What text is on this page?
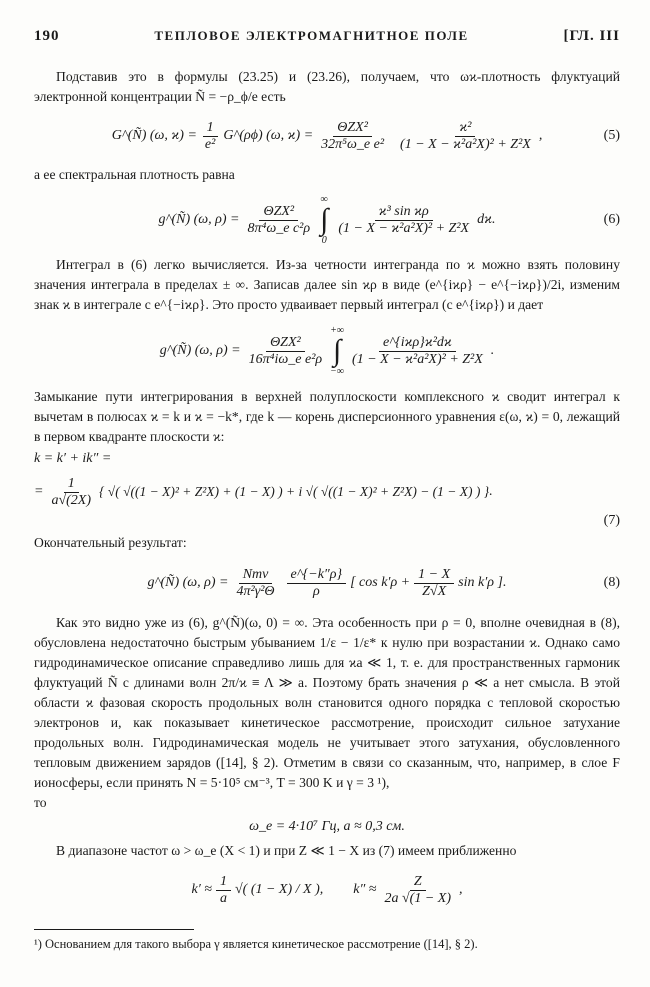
190	ТЕПЛОВОЕ ЭЛЕКТРОМАГНИТНОЕ ПОЛЕ	[ГЛ. III

Подставив это в формулы (23.25) и (23.26), получаем, что ωϰ-плотность флуктуаций электронной концентрации Ñ = −ρ_ϕ/e есть

G^(Ñ) (ω, $ϰ) = \frac{1}{\text{e²}}$ G^(ρϕ) (ω, $ϰ) = \frac{\text{ΘZX²}}{\text{32π⁵ω\_e e²}} \frac{\text{ϰ²}}{\text{(1 − X − ϰ²a²X)² + Z²X}}$ ,	(5)

а ее спектральная плотность равна

g^(Ñ) (ω, $\rho) = \frac{\text{ΘZX²}}{\text{8π⁴ω\_e c²ρ}}$
∞
∫
0
$\frac{\text{ϰ³ sin ϰρ}}{\text{(1 − X − ϰ²a²X)² + Z²X}} dϰ$.	(6)

Интеграл в (6) легко вычисляется. Из-за четности интегранда по ϰ можно взять половину значения интеграла в пределах ± ∞. Записав далее sin ϰρ в виде (e^{iϰρ} − e^{−iϰρ})/2i, изменим знак ϰ в интеграле с e^{−iϰρ}. Это просто удваивает первый интеграл (с e^{iϰρ}) и дает

g^(Ñ) (ω, $\rho) = \frac{\text{ΘZX²}}{\text{16π⁴iω\_e e²ρ}}$
+∞
∫
−∞
$\frac{\text{e\textasciicircum{}\{iϰρ\}ϰ²dϰ}}{\text{(1 − X − ϰ²a²X)² + Z²X}}$ .

Замыкание пути интегрирования в верхней полуплоскости комплексного ϰ сводит интеграл к вычетам в полюсах ϰ = k и ϰ = −k*, где k — корень дисперсионного уравнения ε(ω, ϰ) = 0, лежащий в первом квадранте плоскости ϰ:

k = k′ + ik″ =
= $\frac{1}{a√(2X)}$ { √( √((1 − X)² + Z²X) + (1 − X) ) + i √( √((1 − X)² + Z²X) − (1 − X) ) } .
(7)

Окончательный результат:

g^(Ñ) (ω, $\rho) = \frac{\text{Nmv}}{\text{4π²γ²Θ}} \frac{e\^{}\{-k''\rho\}}{\rho}$ [ $\cos k'\rho + \frac{1 - X}{Z√X}$ sin k′ρ ] .	(8)

Как это видно уже из (6), g^(Ñ)(ω, 0) = ∞. Эта особенность при ρ = 0, вполне очевидная в (8), обусловлена недостаточно быстрым убыванием 1/ε − 1/ε* к нулю при возрастании ϰ. Однако само гидродинамическое описание справедливо лишь для ϰa ≪ 1, т. е. для пространственных гармоник флуктуаций Ñ с длинами волн 2π/ϰ ≡ Λ ≫ a. Поэтому брать значения ρ ≪ a нет смысла. В этой области ϰ фазовая скорость продольных волн становится одного порядка с тепловой скоростью электронов и, как показывает кинетическое рассмотрение, происходит сильное затухание продольных волн. Гидродинамическая модель не учитывает этого затухания, обусловленного тепловым движением зарядов ([14], § 2). Отметим в связи со сказанным, что, например, в слое F ионосферы, если принять N = 5·10⁵ см⁻³, T = 300 K и γ = 3 ¹),

то

ω_e = 4·10⁷ Гц, a ≈ 0,3 см.

В диапазоне частот ω > ω_e (X < 1) и при Z ≪ 1 − X из (7) имеем приближенно

$k' \approx \frac{1}{a}$ √( (1 − X) / X ), $k'' \approx \frac{Z}{2a √(1 - X)}$ ,
¹) Основанием для такого выбора γ является кинетическое рассмотрение ([14], § 2).
